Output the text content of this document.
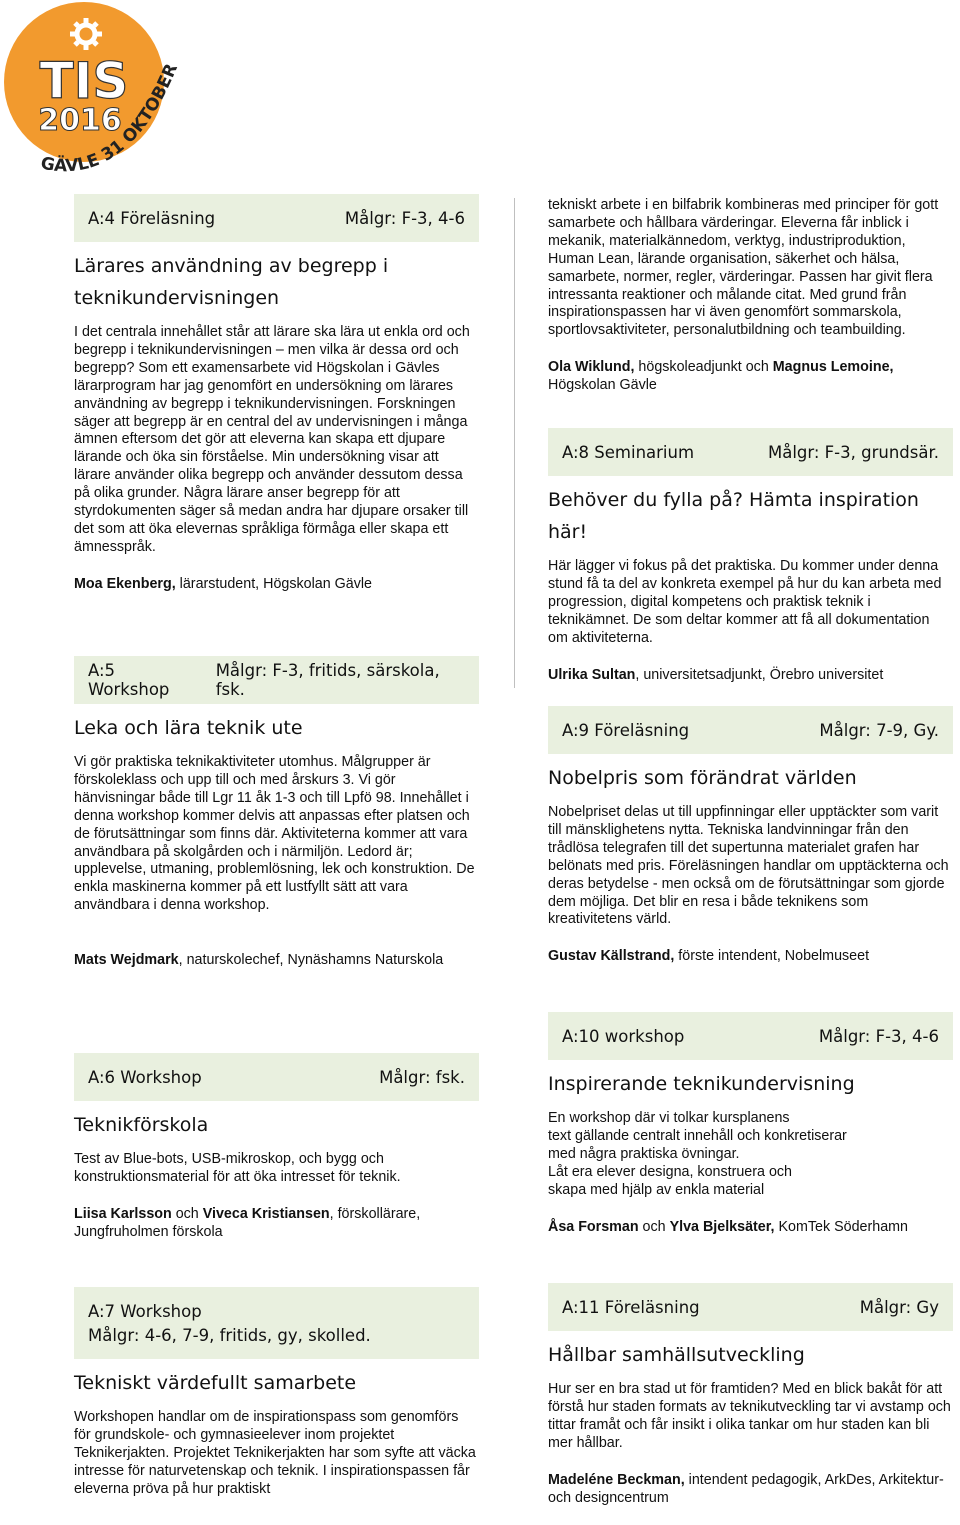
TIS
2016
GÄVLE 31 OKTOBER
A:4 Föreläsning	Målgr: F-3, 4-6
Lärares användning av begrepp i
teknikundervisningen
I det centrala innehållet står att lärare ska lära ut enkla ord och begrepp i teknikundervisningen – men vilka är dessa ord och begrepp? Som ett examensarbete vid Högskolan i Gävles lärarprogram har jag genomfört en undersökning om lärares användning av begrepp i teknikundervisningen. Forskningen säger att begrepp är en central del av undervisningen i många ämnen eftersom det gör att eleverna kan skapa ett djupare lärande och öka sin förståelse. Min undersökning visar att lärare använder olika begrepp och använder dessutom dessa på olika grunder. Några lärare anser begrepp för att styrdokumenten säger så medan andra har djupare orsaker till det som att öka elevernas språkliga förmåga eller skapa ett ämnesspråk.
Moa Ekenberg, lärarstudent, Högskolan Gävle
A:5 Workshop
Målgr: F-3, fritids, särskola, fsk.
Leka och lära teknik ute
Vi gör praktiska teknikaktiviteter utomhus. Målgrupper är förskoleklass och upp till och med årskurs 3. Vi gör hänvisningar både till Lgr 11 åk 1-3 och till Lpfö 98. Innehållet i denna workshop kommer delvis att anpassas efter platsen och de förutsättningar som finns där. Aktiviteterna kommer att vara användbara på skolgården och i närmiljön. Ledord är; upplevelse, utmaning, problemlösning, lek och konstruktion. De enkla maskinerna kommer på ett lustfyllt sätt att vara användbara i denna workshop.
Mats Wejdmark, naturskolechef, Nynäshamns Naturskola
A:6 Workshop	Målgr: fsk.
Teknikförskola
Test av Blue-bots, USB-mikroskop, och bygg och konstruktionsmaterial för att öka intresset för teknik.
Liisa Karlsson och Viveca Kristiansen, förskollärare, Jungfruholmen förskola
A:7 Workshop
Målgr: 4-6, 7-9, fritids, gy, skolled.
Tekniskt värdefullt samarbete
Workshopen handlar om de inspirationspass som genomförs för grundskole- och gymnasieelever inom projektet Teknikerjakten. Projektet Teknikerjakten har som syfte att väcka intresse för naturvetenskap och teknik. I inspirationspassen får eleverna pröva på hur praktiskt
tekniskt arbete i en bilfabrik kombineras med principer för gott samarbete och hållbara värderingar. Eleverna får inblick i mekanik, materialkännedom, verktyg, industriproduktion, Human Lean, lärande organisation, säkerhet och hälsa, samarbete, normer, regler, värderingar. Passen har givit flera intressanta reaktioner och målande citat. Med grund från inspirationspassen har vi även genomfört sommarskola, sportlovsaktiviteter, personalutbildning och teambuilding.
Ola Wiklund, högskoleadjunkt och Magnus Lemoine, Högskolan Gävle
A:8 Seminarium	Målgr: F-3, grundsär.
Behöver du fylla på? Hämta inspiration här!
Här lägger vi fokus på det praktiska. Du kommer under denna stund få ta del av konkreta exempel på hur du kan arbeta med progression, digital kompetens och praktisk teknik i teknikämnet. De som deltar kommer att få all dokumentation om aktiviteterna.
Ulrika Sultan, universitetsadjunkt, Örebro universitet
A:9 Föreläsning	Målgr: 7-9, Gy.
Nobelpris som förändrat världen
Nobelpriset delas ut till uppfinningar eller upptäckter som varit till mänsklighetens nytta. Tekniska landvinningar från den trådlösa telegrafen till det supertunna materialet grafen har belönats med pris. Föreläsningen handlar om upptäckterna och deras betydelse - men också om de förutsättningar som gjorde dem möjliga. Det blir en resa i både teknikens som kreativitetens värld.
Gustav Källstrand, förste intendent, Nobelmuseet
A:10 workshop	Målgr: F-3, 4-6
Inspirerande teknikundervisning

En workshop där vi tolkar kursplanens

text gällande centralt innehåll och konkretiserar

med några praktiska övningar.

Låt era elever designa, konstruera och

skapa med hjälp av enkla material

Åsa Forsman och Ylva Bjelksäter, KomTek Söderhamn
A:11 Föreläsning	Målgr: Gy
Hållbar samhällsutveckling
Hur ser en bra stad ut för framtiden? Med en blick bakåt för att förstå hur staden formats av teknikutveckling tar vi avstamp och tittar framåt och får insikt i olika tankar om hur staden kan bli mer hållbar.
Madeléne Beckman, intendent pedagogik, ArkDes, Arkitektur- och designcentrum
